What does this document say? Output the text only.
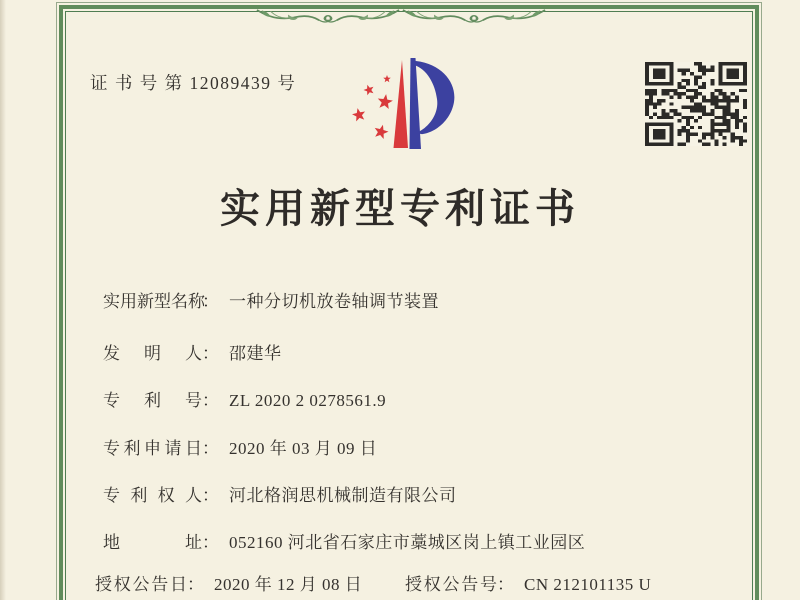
证 书 号 第 12089439 号
实用新型专利证书
实用新型名称： 一种分切机放卷轴调节装置
发明人： 邵建华
专利号： ZL 2020 2 0278561.9
专利申请日： 2020 年 03 月 09 日
专利权人： 河北格润思机械制造有限公司
地址： 052160 河北省石家庄市藁城区岗上镇工业园区
授权公告日： 2020 年 12 月 08 日	授权公告号： CN 212101135 U
